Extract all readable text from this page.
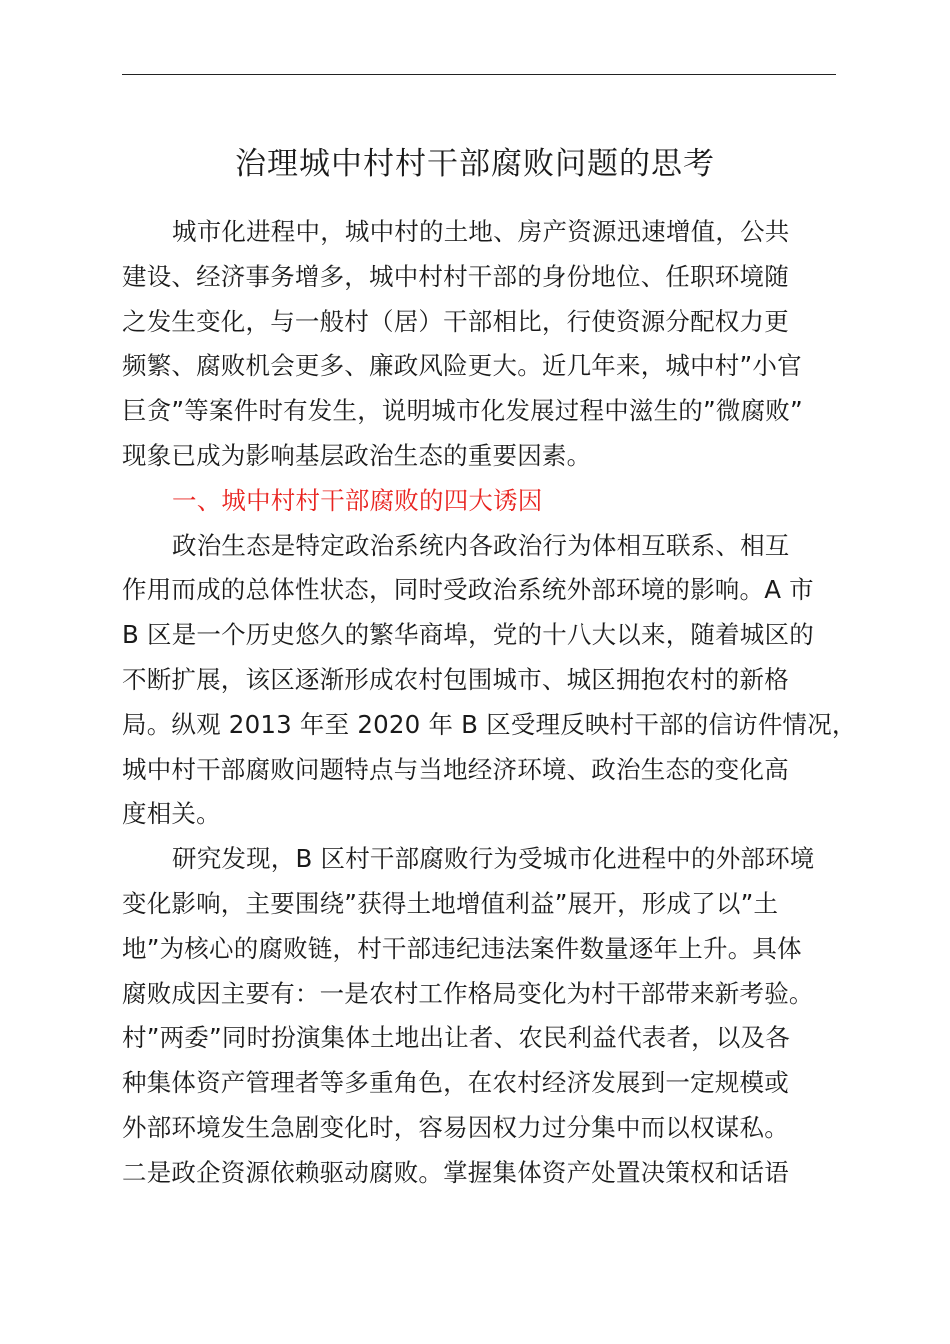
治理城中村村干部腐败问题的思考
城市化进程中，城中村的土地、房产资源迅速增值，公共
建设、经济事务增多，城中村村干部的身份地位、任职环境随
之发生变化，与一般村（居）干部相比，行使资源分配权力更
频繁、腐败机会更多、廉政风险更大。近几年来，城中村”小官
巨贪”等案件时有发生，说明城市化发展过程中滋生的”微腐败”
现象已成为影响基层政治生态的重要因素。
一、城中村村干部腐败的四大诱因
政治生态是特定政治系统内各政治行为体相互联系、相互
作用而成的总体性状态，同时受政治系统外部环境的影响。A 市
B 区是一个历史悠久的繁华商埠，党的十八大以来，随着城区的
不断扩展，该区逐渐形成农村包围城市、城区拥抱农村的新格
局。纵观 2013 年至 2020 年 B 区受理反映村干部的信访件情况，
城中村干部腐败问题特点与当地经济环境、政治生态的变化高
度相关。
研究发现，B 区村干部腐败行为受城市化进程中的外部环境
变化影响，主要围绕”获得土地增值利益”展开，形成了以”土
地”为核心的腐败链，村干部违纪违法案件数量逐年上升。具体
腐败成因主要有：一是农村工作格局变化为村干部带来新考验。
村”两委”同时扮演集体土地出让者、农民利益代表者，以及各
种集体资产管理者等多重角色，在农村经济发展到一定规模或
外部环境发生急剧变化时，容易因权力过分集中而以权谋私。
二是政企资源依赖驱动腐败。掌握集体资产处置决策权和话语
